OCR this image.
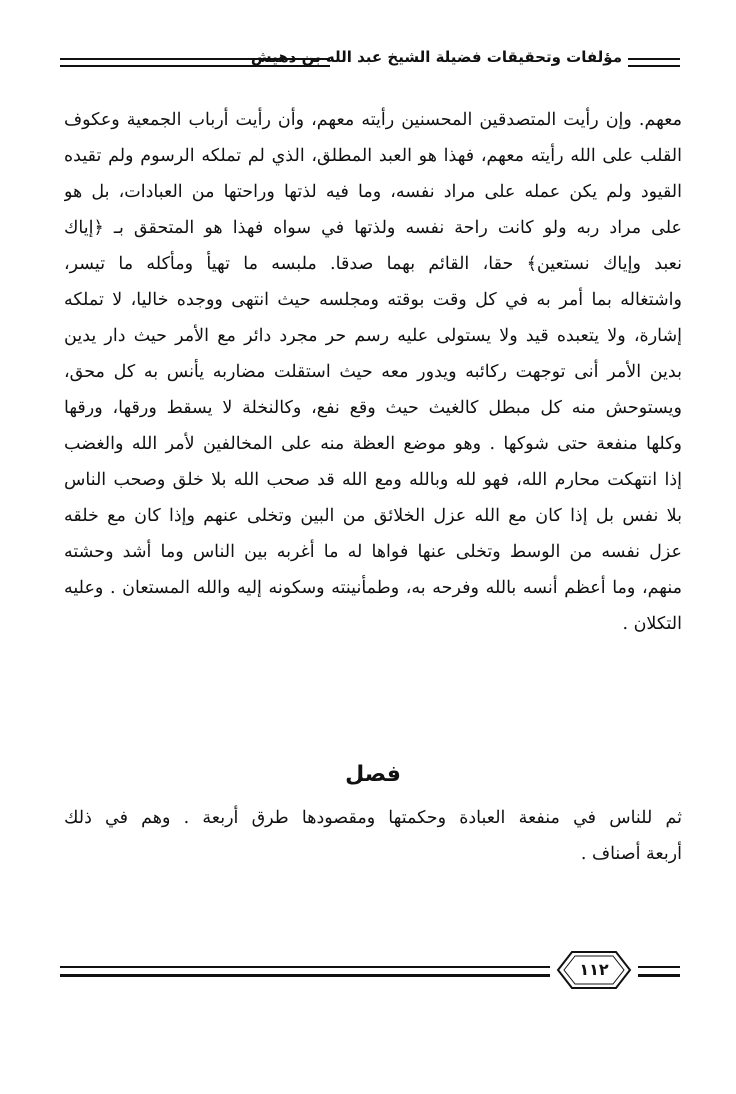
مؤلفات وتحقيقات فضيلة الشيخ عبد الله بن دهيش
معهم. وإن رأيت المتصدقين المحسنين رأيته معهم، وأن رأيت أرباب الجمعية وعكوف
القلب على الله رأيته معهم، فهذا هو العبد المطلق، الذي لم تملكه الرسوم ولم تقيده
القيود ولم يكن عمله على مراد نفسه، وما فيه لذتها وراحتها من العبادات، بل هو
على مراد ربه ولو كانت راحة نفسه ولذتها في سواه فهذا هو المتحقق بـ ﴿إياك
نعبد وإياك نستعين﴾ حقا، القائم بهما صدقا. ملبسه ما تهيأ ومأكله ما تيسر،
واشتغاله بما أمر به في كل وقت بوقته ومجلسه حيث انتهى ووجده خاليا، لا تملكه
إشارة، ولا يتعبده قيد ولا يستولى عليه رسم حر مجرد دائر مع الأمر حيث دار يدين
بدين الأمر أنى توجهت ركائبه ويدور معه حيث استقلت مضاربه يأنس به كل محق،
ويستوحش منه كل مبطل كالغيث حيث وقع نفع، وكالنخلة لا يسقط ورقها، ورقها
وكلها منفعة حتى شوكها . وهو موضع العظة منه على المخالفين لأمر الله والغضب
إذا انتهكت محارم الله، فهو لله وبالله ومع الله قد صحب الله بلا خلق وصحب الناس
بلا نفس بل إذا كان مع الله عزل الخلائق من البين وتخلى عنهم وإذا كان مع خلقه
عزل نفسه من الوسط وتخلى عنها فواها له ما أغربه بين الناس وما أشد وحشته
منهم، وما أعظم أنسه بالله وفرحه به، وطمأنينته وسكونه إليه والله المستعان . وعليه
التكلان .
فصل
ثم للناس في منفعة العبادة وحكمتها ومقصودها طرق أربعة . وهم في ذلك
أربعة أصناف .
١١٢
